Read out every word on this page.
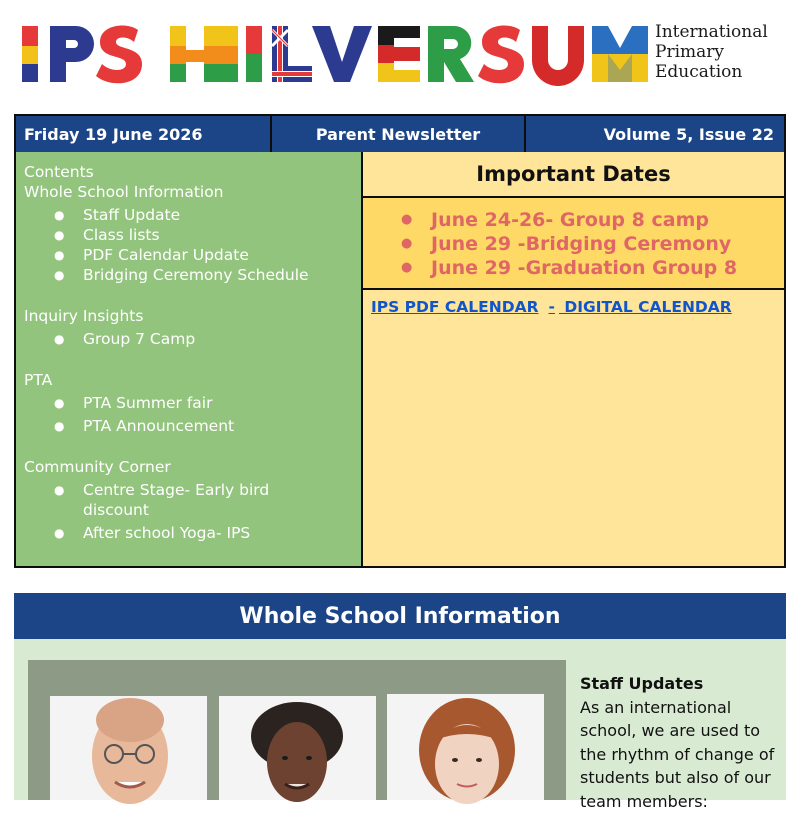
International
Primary
Education
Friday 19 June 2026	Parent Newsletter	Volume 5, Issue 22
Contents
Whole School Information
● Staff Update
● Class lists
● PDF Calendar Update
● Bridging Ceremony Schedule
Inquiry Insights
● Group 7 Camp
PTA
● PTA Summer fair
● PTA Announcement
Community Corner
● Centre Stage- Early bird discount
● After school Yoga- IPS
Important Dates
● June 24-26- Group 8 camp
● June 29 -Bridging Ceremony
● June 29 -Graduation Group 8
IPS PDF CALENDAR - DIGITAL CALENDAR
Whole School Information
Staff Updates
As an international school, we are used to the rhythm of change of students but also of our team members:
